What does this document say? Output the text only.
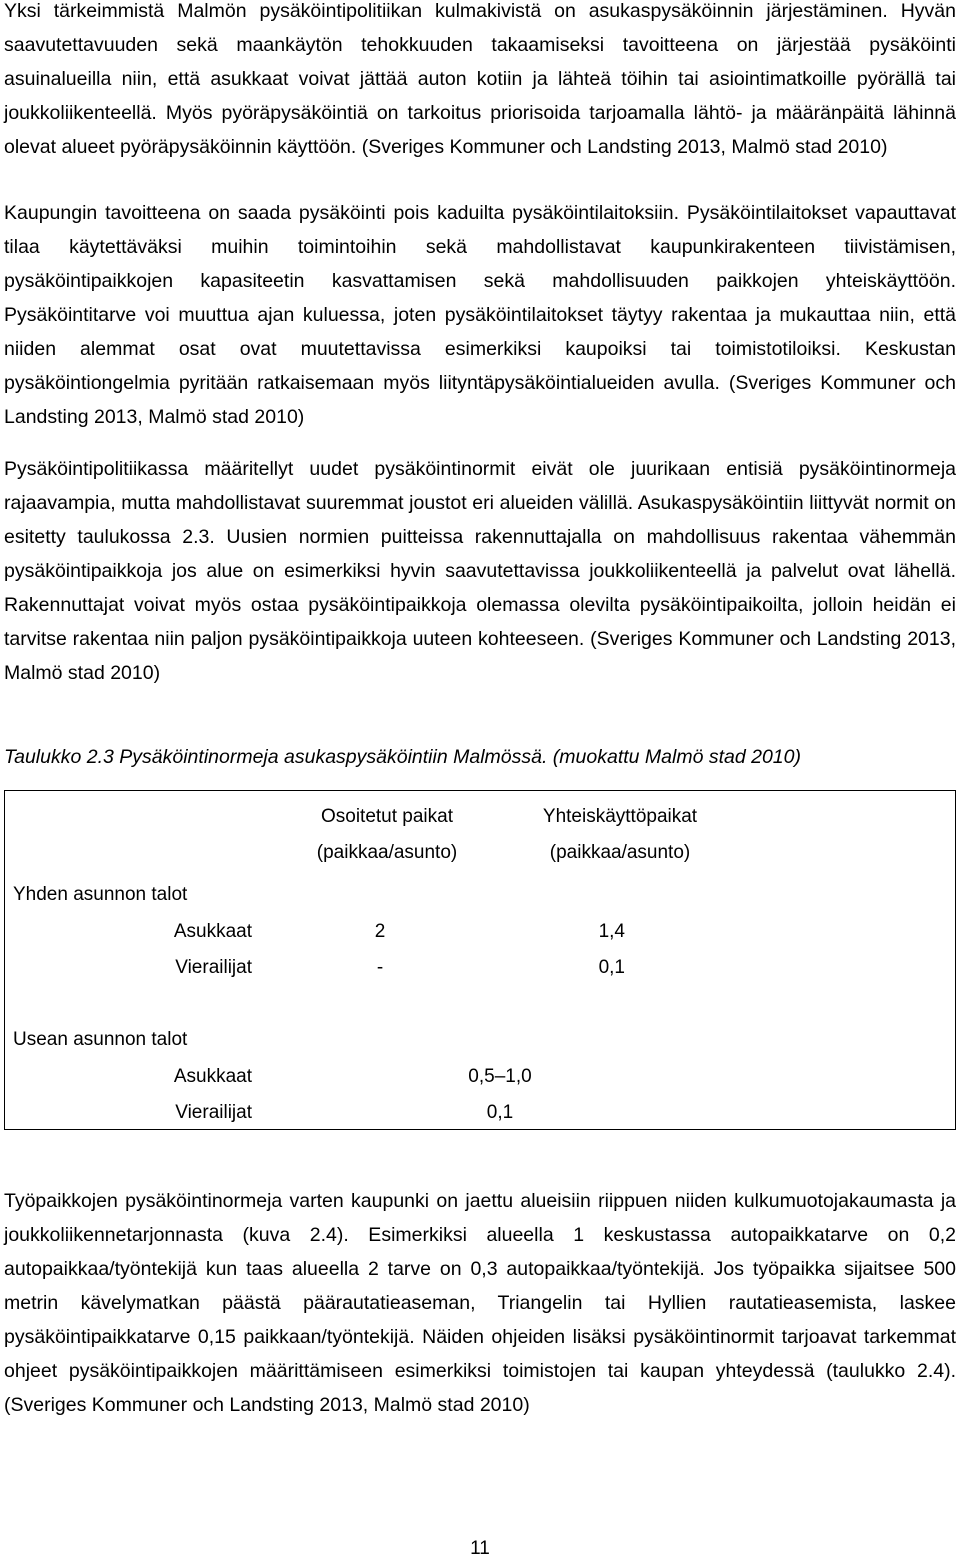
Yksi tärkeimmistä Malmön pysäköintipolitiikan kulmakivistä on asukaspysäköinnin järjestäminen. Hyvän saavutettavuuden sekä maankäytön tehokkuuden takaamiseksi tavoitteena on järjestää pysäköinti asuinalueilla niin, että asukkaat voivat jättää auton kotiin ja lähteä töihin tai asiointimatkoille pyörällä tai joukkoliikenteellä. Myös pyöräpysäköintiä on tarkoitus priorisoida tarjoamalla lähtö- ja määränpäitä lähinnä olevat alueet pyöräpysäköinnin käyttöön. (Sveriges Kommuner och Landsting 2013, Malmö stad 2010)

Kaupungin tavoitteena on saada pysäköinti pois kaduilta pysäköintilaitoksiin. Pysäköintilaitokset vapauttavat tilaa käytettäväksi muihin toimintoihin sekä mahdollistavat kaupunkirakenteen tiivistämisen, pysäköintipaikkojen kapasiteetin kasvattamisen sekä mahdollisuuden paikkojen yhteiskäyttöön. Pysäköintitarve voi muuttua ajan kuluessa, joten pysäköintilaitokset täytyy rakentaa ja mukauttaa niin, että niiden alemmat osat ovat muutettavissa esimerkiksi kaupoiksi tai toimistotiloiksi. Keskustan pysäköintiongelmia pyritään ratkaisemaan myös liityntäpysäköintialueiden avulla. (Sveriges Kommuner och Landsting 2013, Malmö stad 2010)

Pysäköintipolitiikassa määritellyt uudet pysäköintinormit eivät ole juurikaan entisiä pysäköintinormeja rajaavampia, mutta mahdollistavat suuremmat joustot eri alueiden välillä. Asukaspysäköintiin liittyvät normit on esitetty taulukossa 2.3. Uusien normien puitteissa rakennuttajalla on mahdollisuus rakentaa vähemmän pysäköintipaikkoja jos alue on esimerkiksi hyvin saavutettavissa joukkoliikenteellä ja palvelut ovat lähellä. Rakennuttajat voivat myös ostaa pysäköintipaikkoja olemassa olevilta pysäköintipaikoilta, jolloin heidän ei tarvitse rakentaa niin paljon pysäköintipaikkoja uuteen kohteeseen. (Sveriges Kommuner och Landsting 2013, Malmö stad 2010)

Taulukko 2.3 Pysäköintinormeja asukaspysäköintiin Malmössä. (muokattu Malmö stad 2010)
Osoitetut paikat
(paikkaa/asunto)
Yhteiskäyttöpaikat
(paikkaa/asunto)
Yhden asunnon talot
Asukkaat	2	1,4
Vierailijat	-	0,1
Usean asunnon talot
Asukkaat	0,5–1,0
Vierailijat	0,1

Työpaikkojen pysäköintinormeja varten kaupunki on jaettu alueisiin riippuen niiden kulkumuotojakaumasta ja joukkoliikennetarjonnasta (kuva 2.4). Esimerkiksi alueella 1 keskustassa autopaikkatarve on 0,2 autopaikkaa/työntekijä kun taas alueella 2 tarve on 0,3 autopaikkaa/työntekijä. Jos työpaikka sijaitsee 500 metrin kävelymatkan päästä päärautatieaseman, Triangelin tai Hyllien rautatieasemista, laskee pysäköintipaikkatarve 0,15 paikkaan/työntekijä. Näiden ohjeiden lisäksi pysäköintinormit tarjoavat tarkemmat ohjeet pysäköintipaikkojen määrittämiseen esimerkiksi toimistojen tai kaupan yhteydessä (taulukko 2.4). (Sveriges Kommuner och Landsting 2013, Malmö stad 2010)

11
